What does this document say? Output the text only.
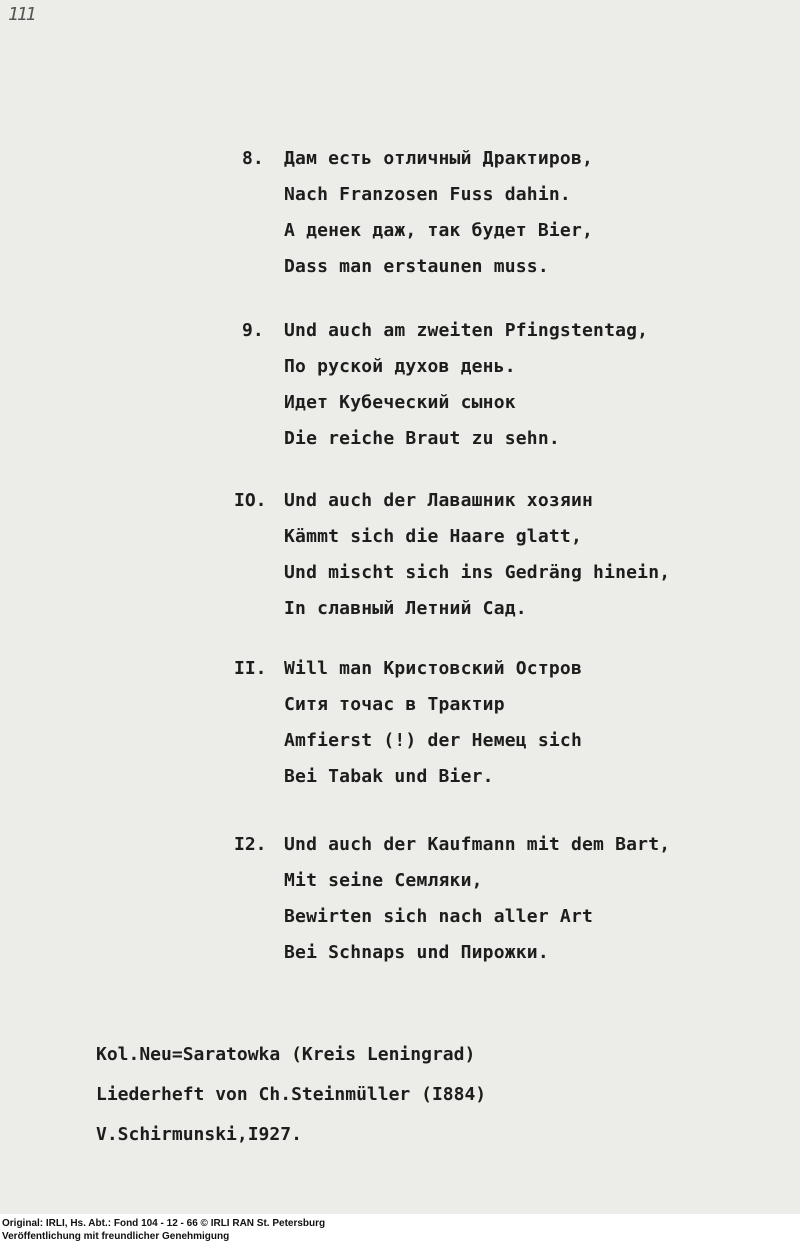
111
8. Дам есть отличный Драктиров,
Nach Franzosen Fuss dahin.
А денек даж, так будет Bier,
Dass man erstaunen muss.
9. Und auch am zweiten Pfingstentag,
По руской духов день.
Идет Кубеческий сынок
Die reiche Braut zu sehn.
IO. Und auch der Лавашник хозяин
Kämmt sich die Haare glatt,
Und mischt sich ins Gedräng hinein,
In славный Летний Сад.
II. Will man Кристовский Остров
Ситя точас в Трактир
Amfierst (!) der Немец sich
Bei Tabak und Bier.
I2. Und auch der Kaufmann mit dem Bart,
Mit seine Семляки,
Bewirten sich nach aller Art
Bei Schnaps und Пирожки.
Kol.Neu=Saratowka (Kreis Leningrad)
Liederheft von Ch.Steinmüller (I884)
V.Schirmunski,I927.
Original: IRLI, Hs. Abt.: Fond 104 - 12 - 66 © IRLI RAN St. Petersburg
Veröffentlichung mit freundlicher Genehmigung
